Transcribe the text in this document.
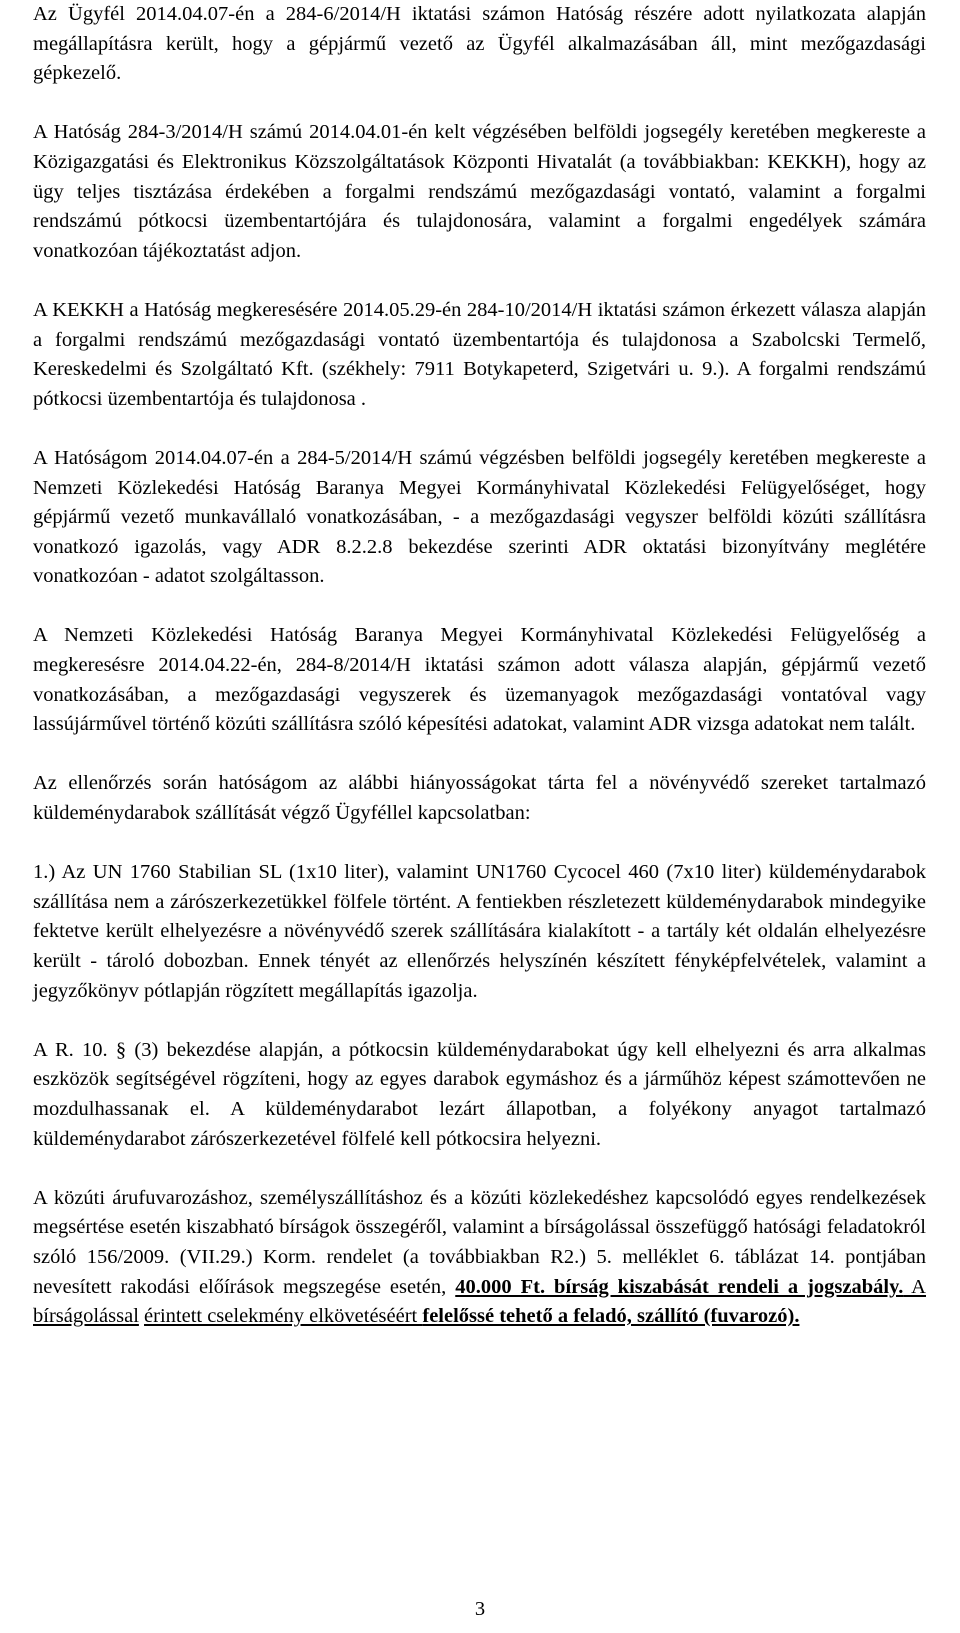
Az Ügyfél 2014.04.07-én a 284-6/2014/H iktatási számon Hatóság részére adott nyilatkozata alapján megállapításra került, hogy a gépjármű vezető az Ügyfél alkalmazásában áll, mint mezőgazdasági gépkezelő.

A Hatóság 284-3/2014/H számú 2014.04.01-én kelt végzésében belföldi jogsegély keretében megkereste a Közigazgatási és Elektronikus Közszolgáltatások Központi Hivatalát (a továbbiakban: KEKKH), hogy az ügy teljes tisztázása érdekében a forgalmi rendszámú mezőgazdasági vontató, valamint a forgalmi rendszámú pótkocsi üzembentartójára és tulajdonosára, valamint a forgalmi engedélyek számára vonatkozóan tájékoztatást adjon.

A KEKKH a Hatóság megkeresésére 2014.05.29-én 284-10/2014/H iktatási számon érkezett válasza alapján a forgalmi rendszámú mezőgazdasági vontató üzembentartója és tulajdonosa a Szabolcski Termelő, Kereskedelmi és Szolgáltató Kft. (székhely: 7911 Botykapeterd, Szigetvári u. 9.). A forgalmi rendszámú pótkocsi üzembentartója és tulajdonosa .

A Hatóságom 2014.04.07-én a 284-5/2014/H számú végzésben belföldi jogsegély keretében megkereste a Nemzeti Közlekedési Hatóság Baranya Megyei Kormányhivatal Közlekedési Felügyelőséget, hogy gépjármű vezető munkavállaló vonatkozásában, - a mezőgazdasági vegyszer belföldi közúti szállításra vonatkozó igazolás, vagy ADR 8.2.2.8 bekezdése szerinti ADR oktatási bizonyítvány meglétére vonatkozóan - adatot szolgáltasson.

A Nemzeti Közlekedési Hatóság Baranya Megyei Kormányhivatal Közlekedési Felügyelőség a megkeresésre 2014.04.22-én, 284-8/2014/H iktatási számon adott válasza alapján, gépjármű vezető vonatkozásában, a mezőgazdasági vegyszerek és üzemanyagok mezőgazdasági vontatóval vagy lassújárművel történő közúti szállításra szóló képesítési adatokat, valamint ADR vizsga adatokat nem talált.

Az ellenőrzés során hatóságom az alábbi hiányosságokat tárta fel a növényvédő szereket tartalmazó küldeménydarabok szállítását végző Ügyféllel kapcsolatban:

1.) Az UN 1760 Stabilian SL (1x10 liter), valamint UN1760 Cycocel 460 (7x10 liter) küldeménydarabok szállítása nem a zárószerkezetükkel fölfele történt. A fentiekben részletezett küldeménydarabok mindegyike fektetve került elhelyezésre a növényvédő szerek szállítására kialakított - a tartály két oldalán elhelyezésre került - tároló dobozban. Ennek tényét az ellenőrzés helyszínén készített fényképfelvételek, valamint a jegyzőkönyv pótlapján rögzített megállapítás igazolja.

A R. 10. § (3) bekezdése alapján, a pótkocsin küldeménydarabokat úgy kell elhelyezni és arra alkalmas eszközök segítségével rögzíteni, hogy az egyes darabok egymáshoz és a járműhöz képest számottevően ne mozdulhassanak el. A küldeménydarabot lezárt állapotban, a folyékony anyagot tartalmazó küldeménydarabot zárószerkezetével fölfelé kell pótkocsira helyezni.

A közúti árufuvarozáshoz, személyszállításhoz és a közúti közlekedéshez kapcsolódó egyes rendelkezések megsértése esetén kiszabható bírságok összegéről, valamint a bírságolással összefüggő hatósági feladatokról szóló 156/2009. (VII.29.) Korm. rendelet (a továbbiakban R2.) 5. melléklet 6. táblázat 14. pontjában nevesített rakodási előírások megszegése esetén, 40.000 Ft. bírság kiszabását rendeli a jogszabály. A bírságolással érintett cselekmény elkövetéséért felelőssé tehető a feladó, szállító (fuvarozó).

3
